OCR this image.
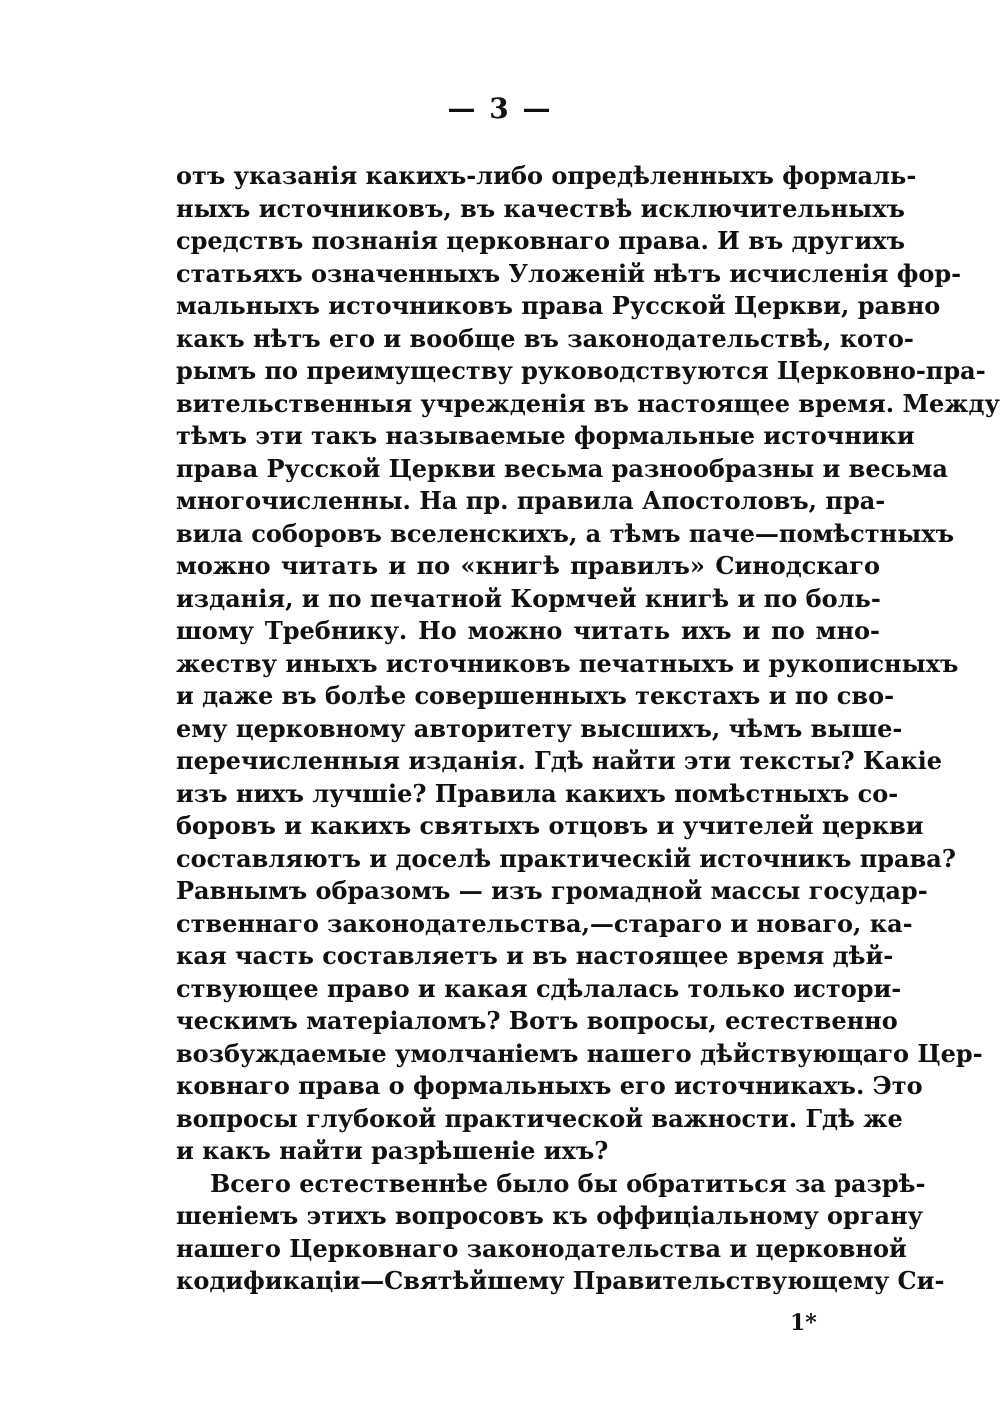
— 3 —
отъ указанія какихъ-либо опредѣленныхъ формаль-
ныхъ источниковъ, въ качествѣ исключительныхъ
средствъ познанія церковнаго права. И въ другихъ
статьяхъ означенныхъ Уложеній нѣтъ исчисленія фор-
мальныхъ источниковъ права Русской Церкви, равно
какъ нѣтъ его и вообще въ законодательствѣ, кото-
рымъ по преимуществу руководствуются Церковно-пра-
вительственныя учрежденія въ настоящее время. Между
тѣмъ эти такъ называемые формальные источники
права Русской Церкви весьма разнообразны и весьма
многочисленны. На пр. правила Апостоловъ, пра-
вила соборовъ вселенскихъ, а тѣмъ паче—помѣстныхъ
можно читать и по «книгѣ правилъ» Синодскаго
изданія, и по печатной Кормчей книгѣ и по боль-
шому Требнику. Но можно читать ихъ и по мно-
жеству иныхъ источниковъ печатныхъ и рукописныхъ
и даже въ болѣе совершенныхъ текстахъ и по сво-
ему церковному авторитету высшихъ, чѣмъ выше-
перечисленныя изданія. Гдѣ найти эти тексты? Какіе
изъ нихъ лучшіе? Правила какихъ помѣстныхъ со-
боровъ и какихъ святыхъ отцовъ и учителей церкви
составляютъ и доселѣ практическій источникъ права?
Равнымъ образомъ — изъ громадной массы государ-
ственнаго законодательства,—стараго и новаго, ка-
кая часть составляетъ и въ настоящее время дѣй-
ствующее право и какая сдѣлалась только истори-
ческимъ матеріаломъ? Вотъ вопросы, естественно
возбуждаемые умолчаніемъ нашего дѣйствующаго Цер-
ковнаго права о формальныхъ его источникахъ. Это
вопросы глубокой практической важности. Гдѣ же
и какъ найти разрѣшеніе ихъ?
Всего естественнѣе было бы обратиться за разрѣ-
шеніемъ этихъ вопросовъ къ оффиціальному органу
нашего Церковнаго законодательства и церковной
кодификаціи—Святѣйшему Правительствующему Си-
1*
